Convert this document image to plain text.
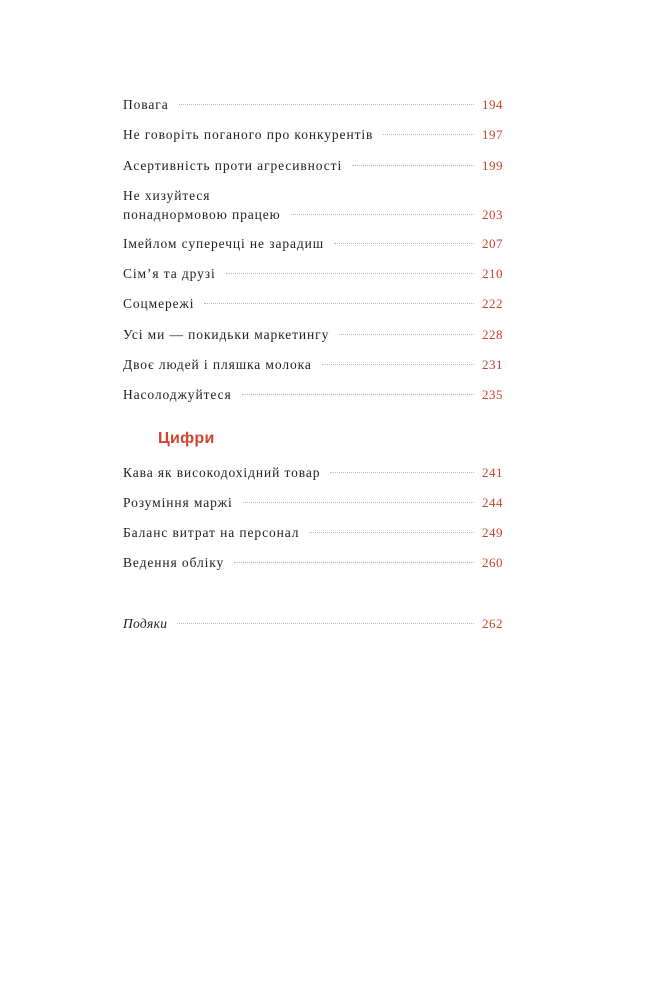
Повага	194
Не говоріть поганого про конкурентів	197
Асертивність проти агресивності	199
Не хизуйтеся
понаднормовою працею	203
Імейлом суперечці не зарадиш	207
Сім’я та друзі	210
Соцмережі	222
Усі ми — покидьки маркетингу	228
Двоє людей і пляшка молока	231
Насолоджуйтеся	235
Цифри
Кава як високодохідний товар	241
Розуміння маржі	244
Баланс витрат на персонал	249
Ведення обліку	260
Подяки	262
